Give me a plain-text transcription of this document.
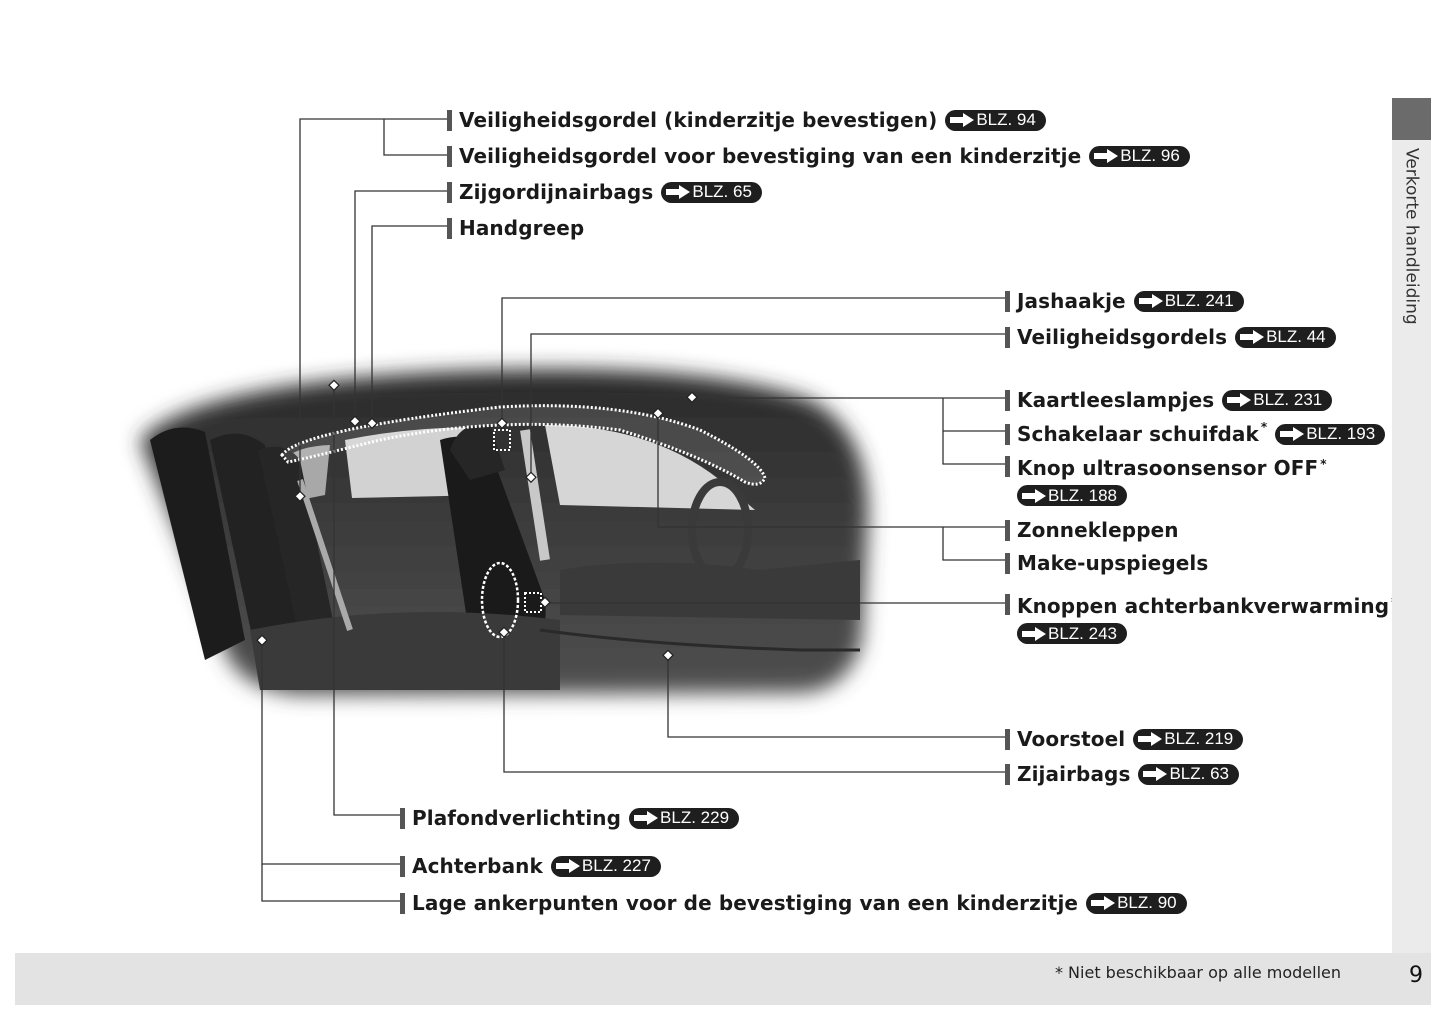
Veiligheidsgordel (kinderzitje bevestigen) BLZ. 94
Veiligheidsgordel voor bevestiging van een kinderzitje BLZ. 96
Zijgordijnairbags BLZ. 65
Handgreep
Jashaakje BLZ. 241
Veiligheidsgordels BLZ. 44
Kaartleeslampjes BLZ. 231
Schakelaar schuifdak * BLZ. 193
Knop ultrasoonsensor OFF *
BLZ. 188
Zonnekleppen
Make-upspiegels
Knoppen achterbankverwarming
BLZ. 243
Voorstoel BLZ. 219
Zijairbags BLZ. 63
Plafondverlichting BLZ. 229
Achterbank BLZ. 227
Lage ankerpunten voor de bevestiging van een kinderzitje BLZ. 90
Verkorte handleiding
* Niet beschikbaar op alle modellen	9
